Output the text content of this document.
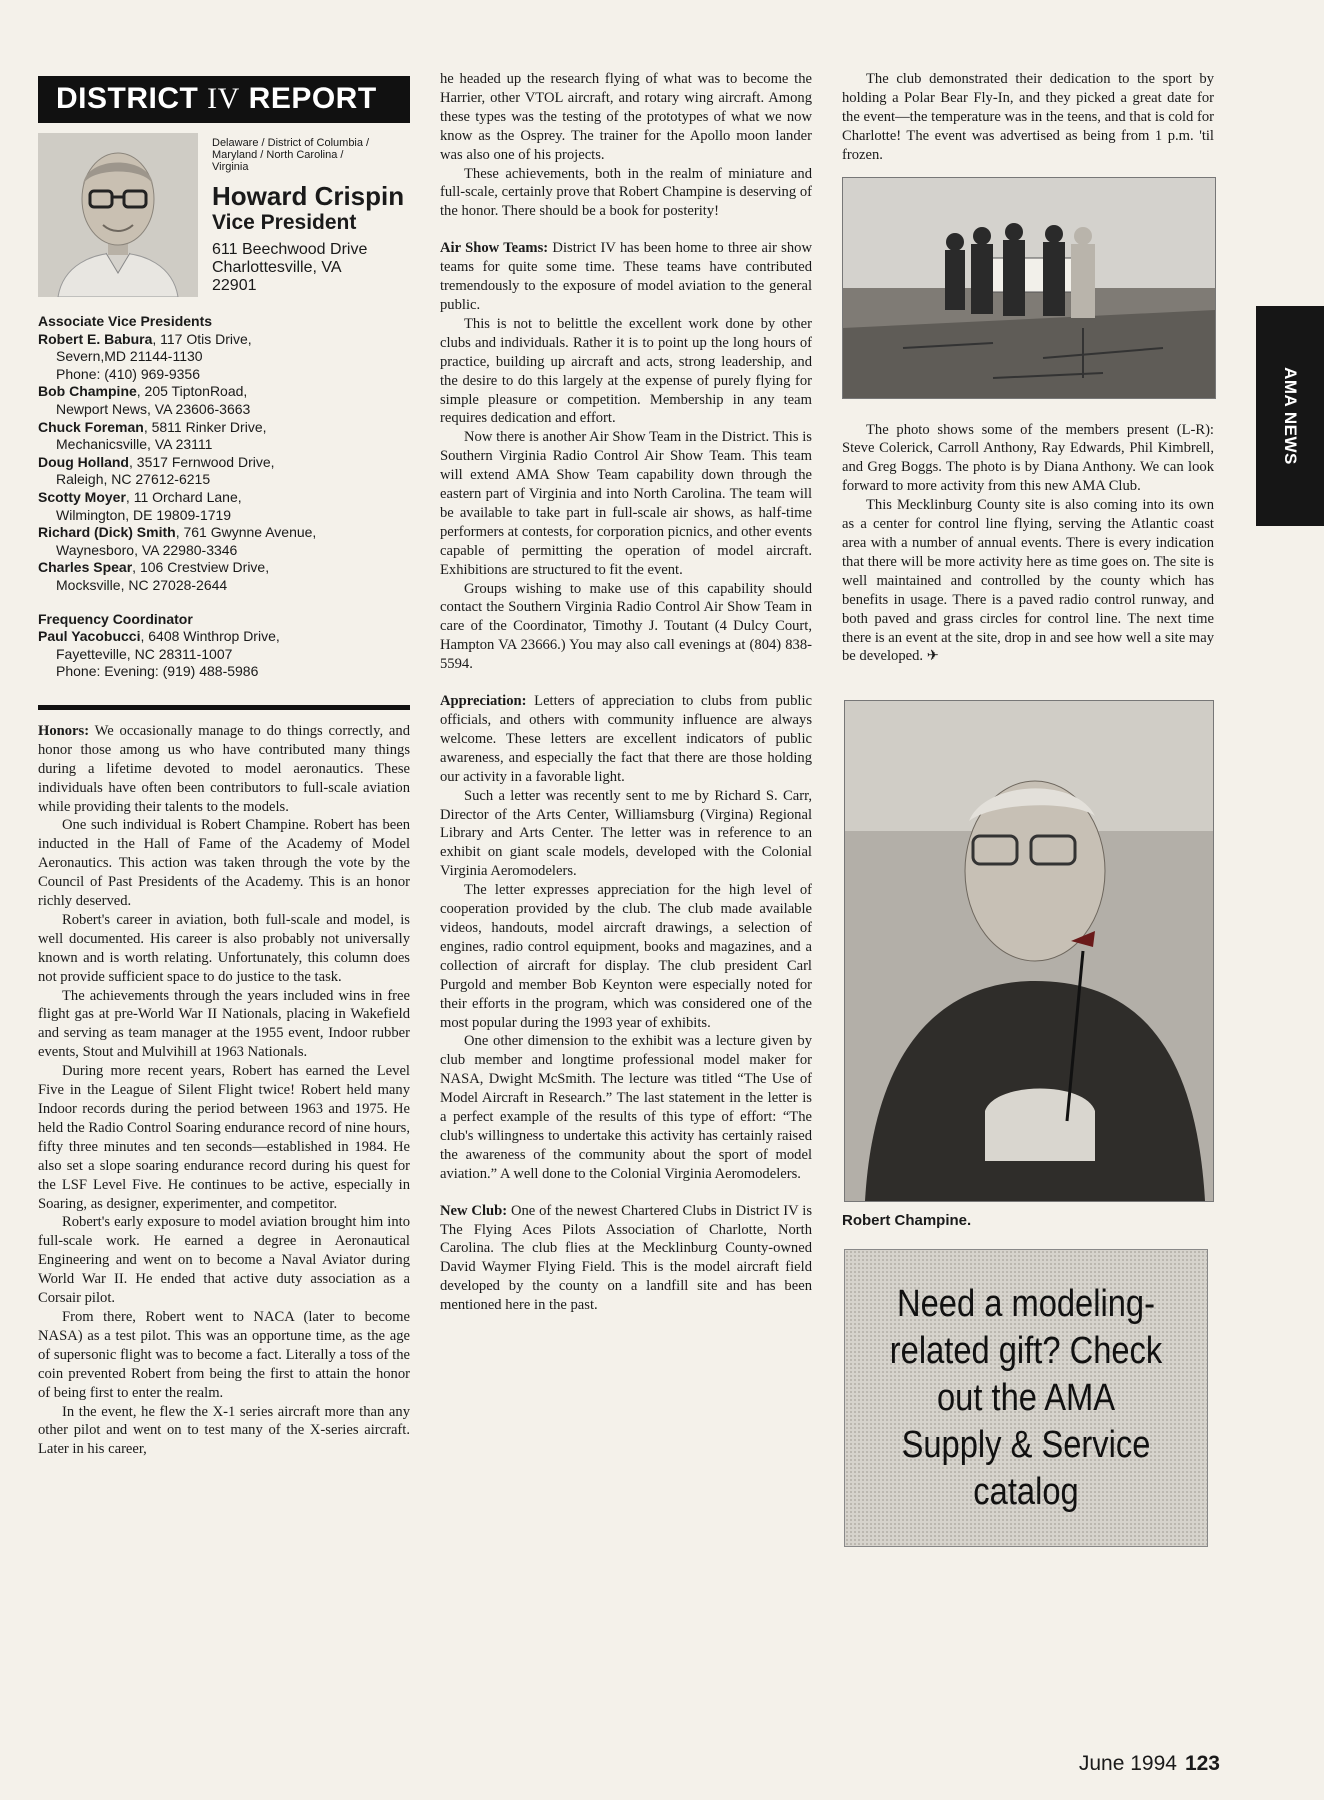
DISTRICT IV REPORT
Delaware / District of Columbia /
Maryland / North Carolina /
Virginia
Howard Crispin
Vice President
611 Beechwood Drive
Charlottesville, VA
22901
Associate Vice Presidents
Robert E. Babura, 117 Otis Drive,
Severn,MD 21144-1130
Phone: (410) 969-9356
Bob Champine, 205 TiptonRoad,
Newport News, VA 23606-3663
Chuck Foreman, 5811 Rinker Drive,
Mechanicsville, VA 23111
Doug Holland, 3517 Fernwood Drive,
Raleigh, NC 27612-6215
Scotty Moyer, 11 Orchard Lane,
Wilmington, DE 19809-1719
Richard (Dick) Smith, 761 Gwynne Avenue,
Waynesboro, VA 22980-3346
Charles Spear, 106 Crestview Drive,
Mocksville, NC 27028-2644
Frequency Coordinator
Paul Yacobucci, 6408 Winthrop Drive,
Fayetteville, NC 28311-1007
Phone: Evening: (919) 488-5986

Honors: We occasionally manage to do things correctly, and honor those among us who have contributed many things during a lifetime devoted to model aeronautics. These individuals have often been contributors to full-scale aviation while providing their talents to the models.

One such individual is Robert Champine. Robert has been inducted in the Hall of Fame of the Academy of Model Aeronautics. This action was taken through the vote by the Council of Past Presidents of the Academy. This is an honor richly deserved.

Robert's career in aviation, both full-scale and model, is well documented. His career is also probably not universally known and is worth relating. Unfortunately, this column does not provide sufficient space to do justice to the task.

The achievements through the years included wins in free flight gas at pre-World War II Nationals, placing in Wakefield and serving as team manager at the 1955 event, Indoor rubber events, Stout and Mulvihill at 1963 Nationals.

During more recent years, Robert has earned the Level Five in the League of Silent Flight twice! Robert held many Indoor records during the period between 1963 and 1975. He held the Radio Control Soaring endurance record of nine hours, fifty three minutes and ten seconds—established in 1984. He also set a slope soaring endurance record during his quest for the LSF Level Five. He continues to be active, especially in Soaring, as designer, experimenter, and competitor.

Robert's early exposure to model aviation brought him into full-scale work. He earned a degree in Aeronautical Engineering and went on to become a Naval Aviator during World War II. He ended that active duty association as a Corsair pilot.

From there, Robert went to NACA (later to become NASA) as a test pilot. This was an opportune time, as the age of supersonic flight was to become a fact. Literally a toss of the coin prevented Robert from being the first to attain the honor of being first to enter the realm.

In the event, he flew the X-1 series aircraft more than any other pilot and went on to test many of the X-series aircraft. Later in his career,

he headed up the research flying of what was to become the Harrier, other VTOL aircraft, and rotary wing aircraft. Among these types was the testing of the prototypes of what we now know as the Osprey. The trainer for the Apollo moon lander was also one of his projects.

These achievements, both in the realm of miniature and full-scale, certainly prove that Robert Champine is deserving of the honor. There should be a book for posterity!

Air Show Teams: District IV has been home to three air show teams for quite some time. These teams have contributed tremendously to the exposure of model aviation to the general public.

This is not to belittle the excellent work done by other clubs and individuals. Rather it is to point up the long hours of practice, building up aircraft and acts, strong leadership, and the desire to do this largely at the expense of purely flying for simple pleasure or competition. Membership in any team requires dedication and effort.

Now there is another Air Show Team in the District. This is Southern Virginia Radio Control Air Show Team. This team will extend AMA Show Team capability down through the eastern part of Virginia and into North Carolina. The team will be available to take part in full-scale air shows, as half-time performers at contests, for corporation picnics, and other events capable of permitting the operation of model aircraft. Exhibitions are structured to fit the event.

Groups wishing to make use of this capability should contact the Southern Virginia Radio Control Air Show Team in care of the Coordinator, Timothy J. Toutant (4 Dulcy Court, Hampton VA 23666.) You may also call evenings at (804) 838-5594.

Appreciation: Letters of appreciation to clubs from public officials, and others with community influence are always welcome. These letters are excellent indicators of public awareness, and especially the fact that there are those holding our activity in a favorable light.

Such a letter was recently sent to me by Richard S. Carr, Director of the Arts Center, Williamsburg (Virgina) Regional Library and Arts Center. The letter was in reference to an exhibit on giant scale models, developed with the Colonial Virginia Aeromodelers.

The letter expresses appreciation for the high level of cooperation provided by the club. The club made available videos, handouts, model aircraft drawings, a selection of engines, radio control equipment, books and magazines, and a collection of aircraft for display. The club president Carl Purgold and member Bob Keynton were especially noted for their efforts in the program, which was considered one of the most popular during the 1993 year of exhibits.

One other dimension to the exhibit was a lecture given by club member and longtime professional model maker for NASA, Dwight McSmith. The lecture was titled “The Use of Model Aircraft in Research.” The last statement in the letter is a perfect example of the results of this type of effort: “The club's willingness to undertake this activity has certainly raised the awareness of the community about the sport of model aviation.” A well done to the Colonial Virginia Aeromodelers.

New Club: One of the newest Chartered Clubs in District IV is The Flying Aces Pilots Association of Charlotte, North Carolina. The club flies at the Mecklinburg County-owned David Waymer Flying Field. This is the model aircraft field developed by the county on a landfill site and has been mentioned here in the past.

The club demonstrated their dedication to the sport by holding a Polar Bear Fly-In, and they picked a great date for the event—the temperature was in the teens, and that is cold for Charlotte! The event was advertised as being from 1 p.m. 'til frozen.

The photo shows some of the members present (L-R): Steve Colerick, Carroll Anthony, Ray Edwards, Phil Kimbrell, and Greg Boggs. The photo is by Diana Anthony. We can look forward to more activity from this new AMA Club.

This Mecklinburg County site is also coming into its own as a center for control line flying, serving the Atlantic coast area with a number of annual events. There is every indication that there will be more activity here as time goes on. The site is well maintained and controlled by the county which has benefits in usage. There is a paved radio control runway, and both paved and grass circles for control line. The next time there is an event at the site, drop in and see how well a site may be developed. ✈

Robert Champine.
Need a modeling-
related gift? Check
out the AMA
Supply & Service
catalog
AMA NEWS
June 1994 123
